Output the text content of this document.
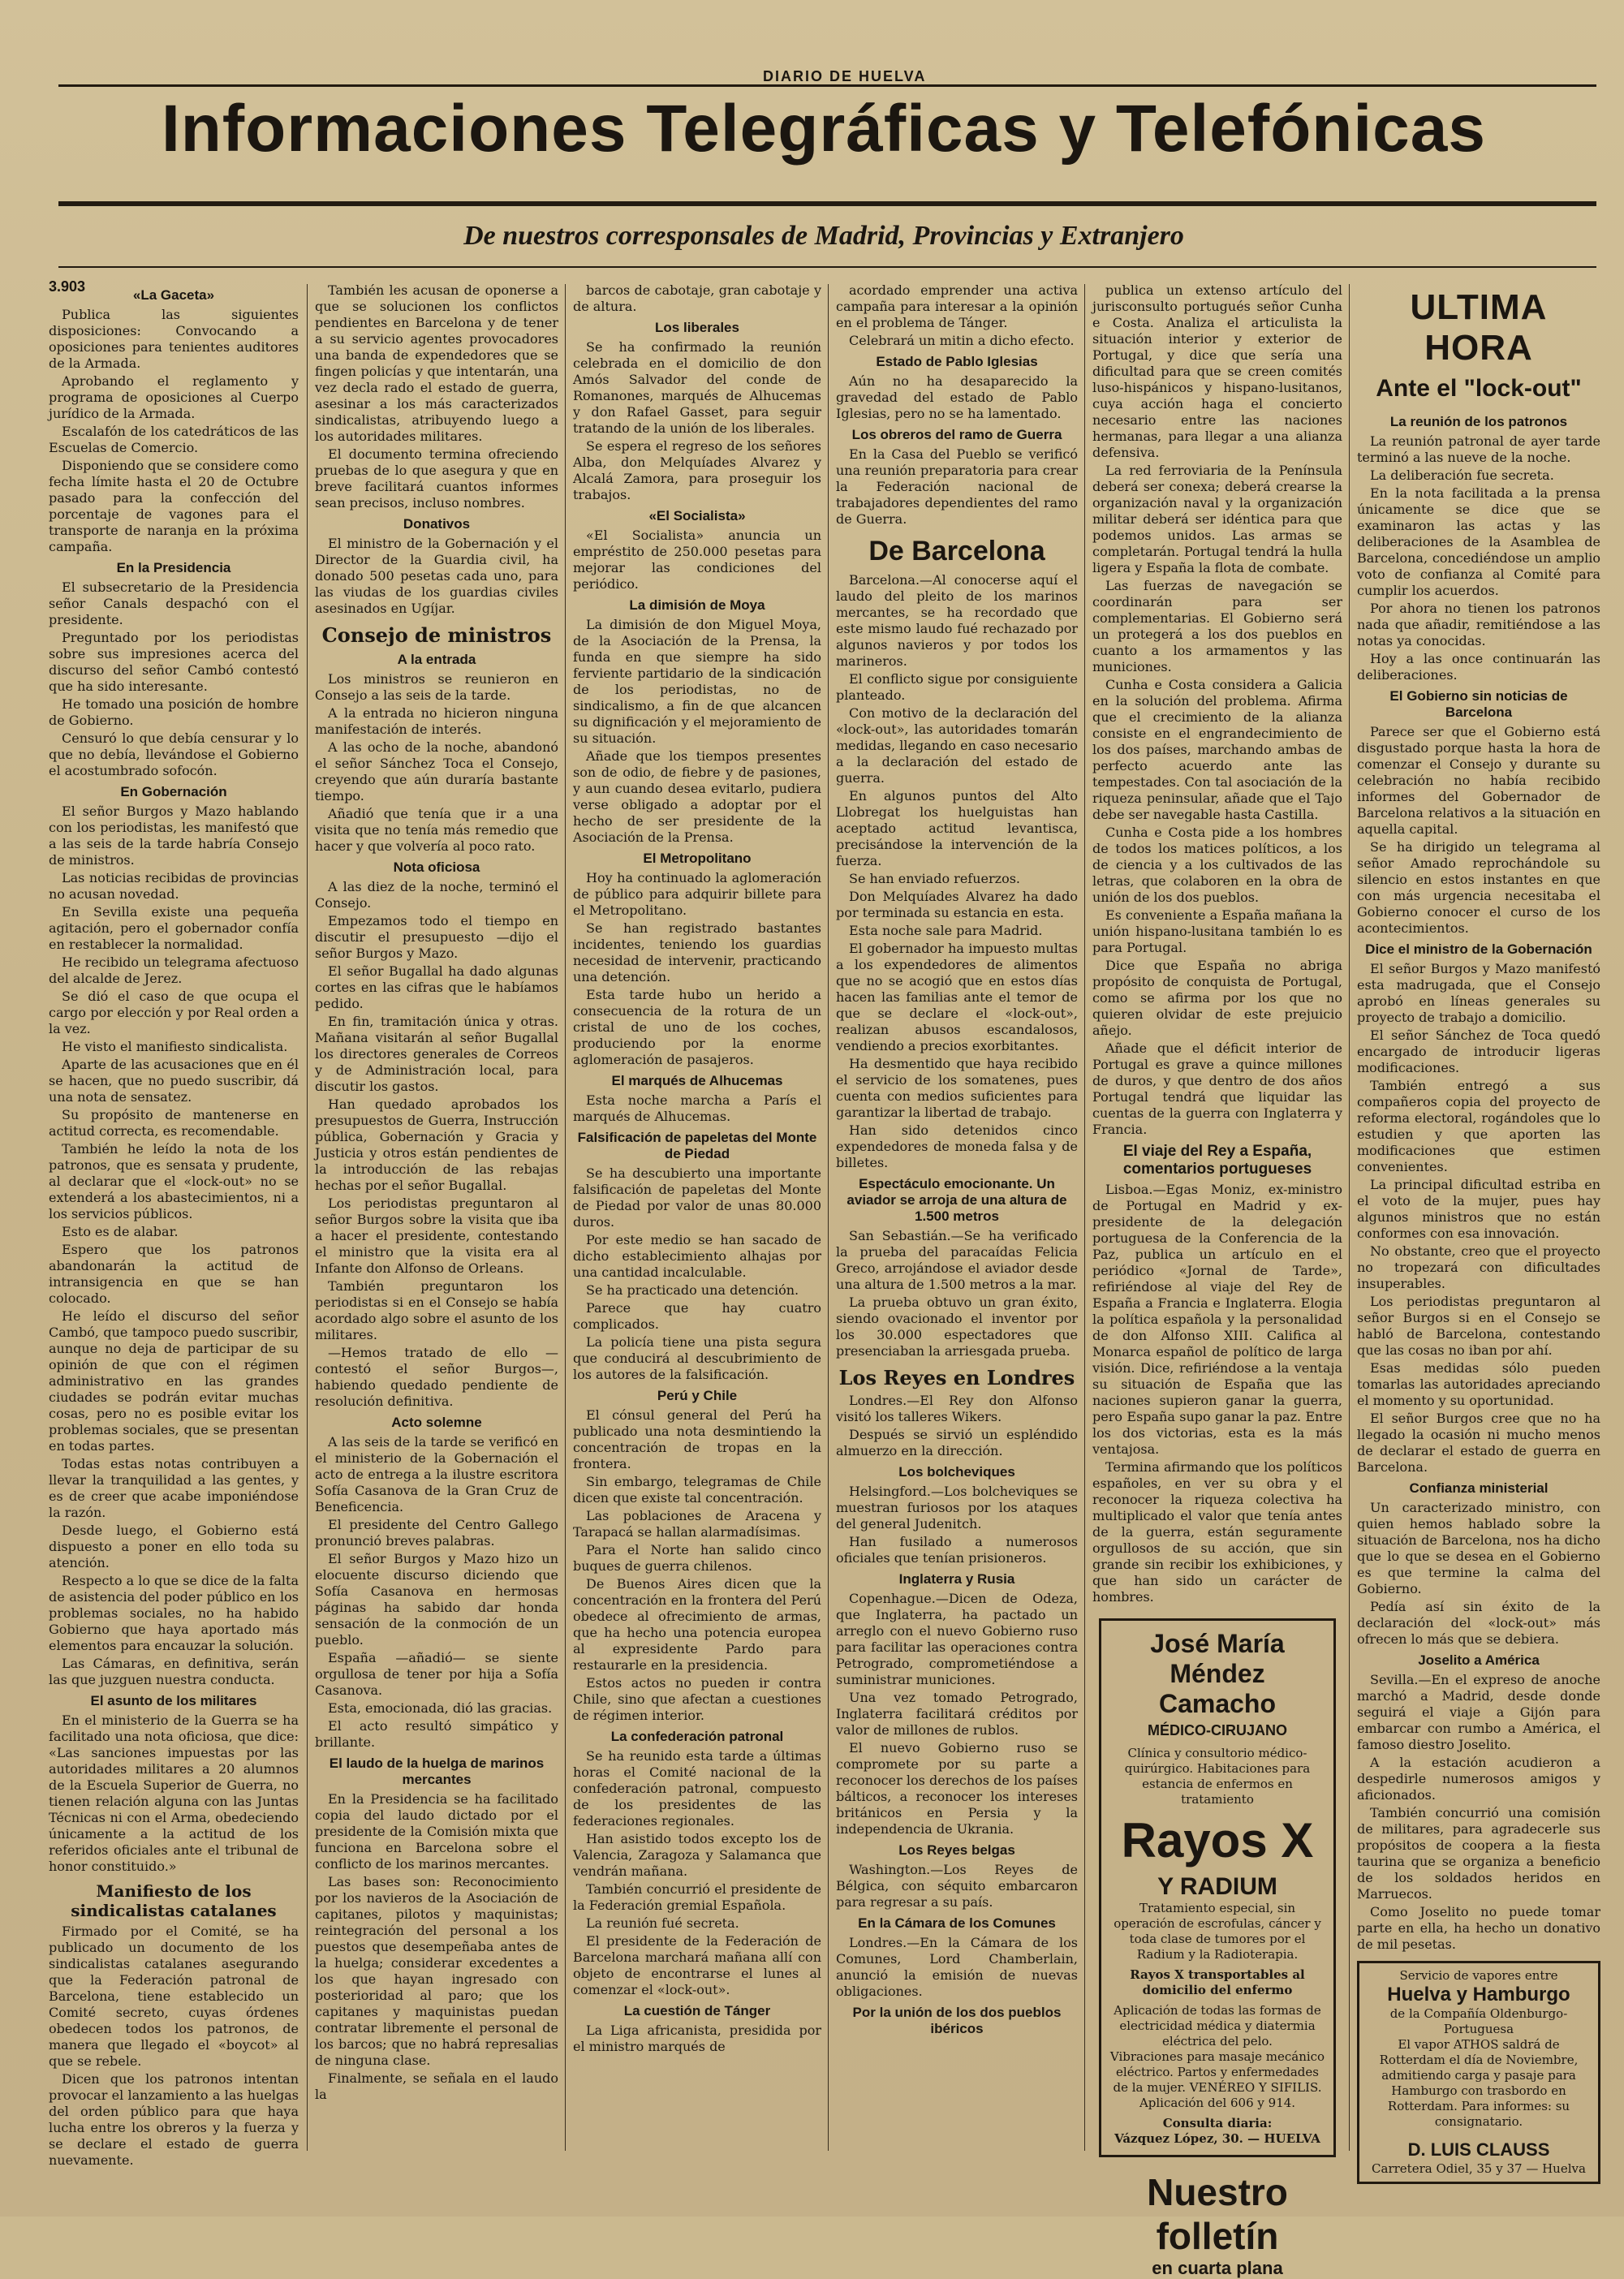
DIARIO DE HUELVA
Informaciones Telegráficas y Telefónicas
De nuestros corresponsales de Madrid, Provincias y Extranjero
3.903
«La Gaceta»

Publica las siguientes disposiciones: Convocando a oposiciones para tenientes auditores de la Armada.

Aprobando el reglamento y programa de oposiciones al Cuerpo jurídico de la Armada.

Escalafón de los catedráticos de las Escuelas de Comercio.

Disponiendo que se considere como fecha límite hasta el 20 de Octubre pasado para la confección del porcentaje de vagones para el transporte de naranja en la próxima campaña.

En la Presidencia

El subsecretario de la Presidencia señor Canals despachó con el presidente.

Preguntado por los periodistas sobre sus impresiones acerca del discurso del señor Cambó contestó que ha sido interesante.

He tomado una posición de hombre de Gobierno.

Censuró lo que debía censurar y lo que no debía, llevándose el Gobierno el acostumbrado sofocón.

En Gobernación

El señor Burgos y Mazo hablando con los periodistas, les manifestó que a las seis de la tarde habría Consejo de ministros.

Las noticias recibidas de provincias no acusan novedad.

En Sevilla existe una pequeña agitación, pero el gobernador confía en restablecer la normalidad.

He recibido un telegrama afectuoso del alcalde de Jerez.

Se dió el caso de que ocupa el cargo por elección y por Real orden a la vez.

He visto el manifiesto sindicalista.

Aparte de las acusaciones que en él se hacen, que no puedo suscribir, dá una nota de sensatez.

Su propósito de mantenerse en actitud correcta, es recomendable.

También he leído la nota de los patronos, que es sensata y prudente, al declarar que el «lock-out» no se extenderá a los abastecimientos, ni a los servicios públicos.

Esto es de alabar.

Espero que los patronos abandonarán la actitud de intransigencia en que se han colocado.

He leído el discurso del señor Cambó, que tampoco puedo suscribir, aunque no deja de participar de su opinión de que con el régimen administrativo en las grandes ciudades se podrán evitar muchas cosas, pero no es posible evitar los problemas sociales, que se presentan en todas partes.

Todas estas notas contribuyen a llevar la tranquilidad a las gentes, y es de creer que acabe imponiéndose la razón.

Desde luego, el Gobierno está dispuesto a poner en ello toda su atención.

Respecto a lo que se dice de la falta de asistencia del poder público en los problemas sociales, no ha habido Gobierno que haya aportado más elementos para encauzar la solución.

Las Cámaras, en definitiva, serán las que juzguen nuestra conducta.

El asunto de los militares

En el ministerio de la Guerra se ha facilitado una nota oficiosa, que dice: «Las sanciones impuestas por las autoridades militares a 20 alumnos de la Escuela Superior de Guerra, no tienen relación alguna con las Juntas Técnicas ni con el Arma, obedeciendo únicamente a la actitud de los referidos oficiales ante el tribunal de honor constituido.»

Manifiesto de los sindicalistas catalanes

Firmado por el Comité, se ha publicado un documento de los sindicalistas catalanes asegurando que la Federación patronal de Barcelona, tiene establecido un Comité secreto, cuyas órdenes obedecen todos los patronos, de manera que llegado el «boycot» al que se rebele.

Dicen que los patronos intentan provocar el lanzamiento a las huelgas del orden público para que haya lucha entre los obreros y la fuerza y se declare el estado de guerra nuevamente.

También les acusan de oponerse a que se solucionen los conflictos pendientes en Barcelona y de tener a su servicio agentes provocadores una banda de expendedores que se fingen policías y que intentarán, una vez decla rado el estado de guerra, asesinar a los más caracterizados sindicalistas, atribuyendo luego a los autoridades militares.

El documento termina ofreciendo pruebas de lo que asegura y que en breve facilitará cuantos informes sean precisos, incluso nombres.

Donativos

El ministro de la Gobernación y el Director de la Guardia civil, ha donado 500 pesetas cada uno, para las viudas de los guardias civiles asesinados en Ugíjar.

Consejo de ministros
A la entrada

Los ministros se reunieron en Consejo a las seis de la tarde.

A la entrada no hicieron ninguna manifestación de interés.

A las ocho de la noche, abandonó el señor Sánchez Toca el Consejo, creyendo que aún duraría bastante tiempo.

Añadió que tenía que ir a una visita que no tenía más remedio que hacer y que volvería al poco rato.

Nota oficiosa

A las diez de la noche, terminó el Consejo.

Empezamos todo el tiempo en discutir el presupuesto —dijo el señor Burgos y Mazo.

El señor Bugallal ha dado algunas cortes en las cifras que le habíamos pedido.

En fin, tramitación única y otras. Mañana visitarán al señor Bugallal los directores generales de Correos y de Administración local, para discutir los gastos.

Han quedado aprobados los presupuestos de Guerra, Instrucción pública, Gobernación y Gracia y Justicia y otros están pendientes de la introducción de las rebajas hechas por el señor Bugallal.

Los periodistas preguntaron al señor Burgos sobre la visita que iba a hacer el presidente, contestando el ministro que la visita era al Infante don Alfonso de Orleans.

También preguntaron los periodistas si en el Consejo se había acordado algo sobre el asunto de los militares.

—Hemos tratado de ello —contestó el señor Burgos—, habiendo quedado pendiente de resolución definitiva.

Acto solemne

A las seis de la tarde se verificó en el ministerio de la Gobernación el acto de entrega a la ilustre escritora Sofía Casanova de la Gran Cruz de Beneficencia.

El presidente del Centro Gallego pronunció breves palabras.

El señor Burgos y Mazo hizo un elocuente discurso diciendo que Sofía Casanova en hermosas páginas ha sabido dar honda sensación de la conmoción de un pueblo.

España —añadió— se siente orgullosa de tener por hija a Sofía Casanova.

Esta, emocionada, dió las gracias.

El acto resultó simpático y brillante.

El laudo de la huelga de marinos mercantes

En la Presidencia se ha facilitado copia del laudo dictado por el presidente de la Comisión mixta que funciona en Barcelona sobre el conflicto de los marinos mercantes.

Las bases son: Reconocimiento por los navieros de la Asociación de capitanes, pilotos y maquinistas; reintegración del personal a los puestos que desempeñaba antes de la huelga; considerar excedentes a los que hayan ingresado con posterioridad al paro; que los capitanes y maquinistas puedan contratar libremente el personal de los barcos; que no habrá represalias de ninguna clase.

Finalmente, se señala en el laudo la

barcos de cabotaje, gran cabotaje y de altura.

Los liberales

Se ha confirmado la reunión celebrada en el domicilio de don Amós Salvador del conde de Romanones, marqués de Alhucemas y don Rafael Gasset, para seguir tratando de la unión de los liberales.

Se espera el regreso de los señores Alba, don Melquíades Alvarez y Alcalá Zamora, para proseguir los trabajos.

«El Socialista»

«El Socialista» anuncia un empréstito de 250.000 pesetas para mejorar las condiciones del periódico.

La dimisión de Moya

La dimisión de don Miguel Moya, de la Asociación de la Prensa, la funda en que siempre ha sido ferviente partidario de la sindicación de los periodistas, no de sindicalismo, a fin de que alcancen su dignificación y el mejoramiento de su situación.

Añade que los tiempos presentes son de odio, de fiebre y de pasiones, y aun cuando desea evitarlo, pudiera verse obligado a adoptar por el hecho de ser presidente de la Asociación de la Prensa.

El Metropolitano

Hoy ha continuado la aglomeración de público para adquirir billete para el Metropolitano.

Se han registrado bastantes incidentes, teniendo los guardias necesidad de intervenir, practicando una detención.

Esta tarde hubo un herido a consecuencia de la rotura de un cristal de uno de los coches, produciendo por la enorme aglomeración de pasajeros.

El marqués de Alhucemas

Esta noche marcha a París el marqués de Alhucemas.

Falsificación de papeletas del Monte de Piedad

Se ha descubierto una importante falsificación de papeletas del Monte de Piedad por valor de unas 80.000 duros.

Por este medio se han sacado de dicho establecimiento alhajas por una cantidad incalculable.

Se ha practicado una detención.

Parece que hay cuatro complicados.

La policía tiene una pista segura que conducirá al descubrimiento de los autores de la falsificación.

Perú y Chile

El cónsul general del Perú ha publicado una nota desmintiendo la concentración de tropas en la frontera.

Sin embargo, telegramas de Chile dicen que existe tal concentración.

Las poblaciones de Aracena y Tarapacá se hallan alarmadísimas.

Para el Norte han salido cinco buques de guerra chilenos.

De Buenos Aires dicen que la concentración en la frontera del Perú obedece al ofrecimiento de armas, que ha hecho una potencia europea al expresidente Pardo para restaurarle en la presidencia.

Estos actos no pueden ir contra Chile, sino que afectan a cuestiones de régimen interior.

La confederación patronal

Se ha reunido esta tarde a últimas horas el Comité nacional de la confederación patronal, compuesto de los presidentes de las federaciones regionales.

Han asistido todos excepto los de Valencia, Zaragoza y Salamanca que vendrán mañana.

También concurrió el presidente de la Federación gremial Española.

La reunión fué secreta.

El presidente de la Federación de Barcelona marchará mañana allí con objeto de encontrarse el lunes al comenzar el «lock-out».

La cuestión de Tánger

La Liga africanista, presidida por el ministro marqués de

acordado emprender una activa campaña para interesar a la opinión en el problema de Tánger.

Celebrará un mitin a dicho efecto.

Estado de Pablo Iglesias

Aún no ha desaparecido la gravedad del estado de Pablo Iglesias, pero no se ha lamentado.

Los obreros del ramo de Guerra

En la Casa del Pueblo se verificó una reunión preparatoria para crear la Federación nacional de trabajadores dependientes del ramo de Guerra.

De Barcelona

Barcelona.—Al conocerse aquí el laudo del pleito de los marinos mercantes, se ha recordado que este mismo laudo fué rechazado por algunos navieros y por todos los marineros.

El conflicto sigue por consiguiente planteado.

Con motivo de la declaración del «lock-out», las autoridades tomarán medidas, llegando en caso necesario a la declaración del estado de guerra.

En algunos puntos del Alto Llobregat los huelguistas han aceptado actitud levantisca, precisándose la intervención de la fuerza.

Se han enviado refuerzos.

Don Melquíades Alvarez ha dado por terminada su estancia en esta.

Esta noche sale para Madrid.

El gobernador ha impuesto multas a los expendedores de alimentos que no se acogió que en estos días hacen las familias ante el temor de que se declare el «lock-out», realizan abusos escandalosos, vendiendo a precios exorbitantes.

Ha desmentido que haya recibido el servicio de los somatenes, pues cuenta con medios suficientes para garantizar la libertad de trabajo.

Han sido detenidos cinco expendedores de moneda falsa y de billetes.

Espectáculo emocionante. Un aviador se arroja de una altura de 1.500 metros

San Sebastián.—Se ha verificado la prueba del paracaídas Felicia Greco, arrojándose el aviador desde una altura de 1.500 metros a la mar.

La prueba obtuvo un gran éxito, siendo ovacionado el inventor por los 30.000 espectadores que presenciaban la arriesgada prueba.

Los Reyes en Londres

Londres.—El Rey don Alfonso visitó los talleres Wikers.

Después se sirvió un espléndido almuerzo en la dirección.

Los bolcheviques

Helsingford.—Los bolcheviques se muestran furiosos por los ataques del general Judenitch.

Han fusilado a numerosos oficiales que tenían prisioneros.

Inglaterra y Rusia

Copenhague.—Dicen de Odeza, que Inglaterra, ha pactado un arreglo con el nuevo Gobierno ruso para facilitar las operaciones contra Petrogrado, comprometiéndose a suministrar municiones.

Una vez tomado Petrogrado, Inglaterra facilitará créditos por valor de millones de rublos.

El nuevo Gobierno ruso se compromete por su parte a reconocer los derechos de los países bálticos, a reconocer los intereses británicos en Persia y la independencia de Ukrania.

Los Reyes belgas

Washington.—Los Reyes de Bélgica, con séquito embarcaron para regresar a su país.

En la Cámara de los Comunes

Londres.—En la Cámara de los Comunes, Lord Chamberlain, anunció la emisión de nuevas obligaciones.

Por la unión de los dos pueblos ibéricos

publica un extenso artículo del jurisconsulto portugués señor Cunha e Costa. Analiza el articulista la situación interior y exterior de Portugal, y dice que sería una dificultad para que se creen comités luso-hispánicos y hispano-lusitanos, cuya acción haga el concierto necesario entre las naciones hermanas, para llegar a una alianza defensiva.

La red ferroviaria de la Península deberá ser conexa; deberá crearse la organización naval y la organización militar deberá ser idéntica para que podemos unidos. Las armas se completarán. Portugal tendrá la hulla ligera y España la flota de combate.

Las fuerzas de navegación se coordinarán para ser complementarias. El Gobierno será un protegerá a los dos pueblos en cuanto a los armamentos y las municiones.

Cunha e Costa considera a Galicia en la solución del problema. Afirma que el crecimiento de la alianza consiste en el engrandecimiento de los dos países, marchando ambas de perfecto acuerdo ante las tempestades. Con tal asociación de la riqueza peninsular, añade que el Tajo debe ser navegable hasta Castilla.

Cunha e Costa pide a los hombres de todos los matices políticos, a los de ciencia y a los cultivados de las letras, que colaboren en la obra de unión de los dos pueblos.

Es conveniente a España mañana la unión hispano-lusitana también lo es para Portugal.

Dice que España no abriga propósito de conquista de Portugal, como se afirma por los que no quieren olvidar de este prejuicio añejo.

Añade que el déficit interior de Portugal es grave a quince millones de duros, y que dentro de dos años Portugal tendrá que liquidar las cuentas de la guerra con Inglaterra y Francia.

El viaje del Rey a España, comentarios portugueses

Lisboa.—Egas Moniz, ex-ministro de Portugal en Madrid y ex-presidente de la delegación portuguesa de la Conferencia de la Paz, publica un artículo en el periódico «Jornal de Tarde», refiriéndose al viaje del Rey de España a Francia e Inglaterra. Elogia la política española y la personalidad de don Alfonso XIII. Califica al Monarca español de político de larga visión. Dice, refiriéndose a la ventaja su situación de España que las naciones supieron ganar la guerra, pero España supo ganar la paz. Entre los dos victorias, esta es la más ventajosa.

Termina afirmando que los políticos españoles, en ver su obra y el reconocer la riqueza colectiva ha multiplicado el valor que tenía antes de la guerra, están seguramente orgullosos de su acción, que sin grande sin recibir los exhibiciones, y que han sido un carácter de hombres.

José María Méndez Camacho
MÉDICO-CIRUJANO
Clínica y consultorio médico-quirúrgico. Habitaciones para estancia de enfermos en tratamiento
Rayos X
Y RADIUM
Tratamiento especial, sin operación de escrofulas, cáncer y toda clase de tumores por el Radium y la Radioterapia.
Rayos X transportables al domicilio del enfermo
Aplicación de todas las formas de electricidad médica y diatermia eléctrica del pelo.
Vibraciones para masaje mecánico eléctrico. Partos y enfermedades de la mujer. VENÉREO Y SIFILIS. Aplicación del 606 y 914.
Consulta diaria:
Vázquez López, 30. — HUELVA
Nuestro folletín
en cuarta plana
ULTIMA HORA
Ante el "lock-out"
La reunión de los patronos

La reunión patronal de ayer tarde terminó a las nueve de la noche.

La deliberación fue secreta.

En la nota facilitada a la prensa únicamente se dice que se examinaron las actas y las deliberaciones de la Asamblea de Barcelona, concediéndose un amplio voto de confianza al Comité para cumplir los acuerdos.

Por ahora no tienen los patronos nada que añadir, remitiéndose a las notas ya conocidas.

Hoy a las once continuarán las deliberaciones.

El Gobierno sin noticias de Barcelona

Parece ser que el Gobierno está disgustado porque hasta la hora de comenzar el Consejo y durante su celebración no había recibido informes del Gobernador de Barcelona relativos a la situación en aquella capital.

Se ha dirigido un telegrama al señor Amado reprochándole su silencio en estos instantes en que con más urgencia necesitaba el Gobierno conocer el curso de los acontecimientos.

Dice el ministro de la Gobernación

El señor Burgos y Mazo manifestó esta madrugada, que el Consejo aprobó en líneas generales su proyecto de trabajo a domicilio.

El señor Sánchez de Toca quedó encargado de introducir ligeras modificaciones.

También entregó a sus compañeros copia del proyecto de reforma electoral, rogándoles que lo estudien y que aporten las modificaciones que estimen convenientes.

La principal dificultad estriba en el voto de la mujer, pues hay algunos ministros que no están conformes con esa innovación.

No obstante, creo que el proyecto no tropezará con dificultades insuperables.

Los periodistas preguntaron al señor Burgos si en el Consejo se habló de Barcelona, contestando que las cosas no iban por ahí.

Esas medidas sólo pueden tomarlas las autoridades apreciando el momento y su oportunidad.

El señor Burgos cree que no ha llegado la ocasión ni mucho menos de declarar el estado de guerra en Barcelona.

Confianza ministerial

Un caracterizado ministro, con quien hemos hablado sobre la situación de Barcelona, nos ha dicho que lo que se desea en el Gobierno es que termine la calma del Gobierno.

Pedía así sin éxito de la declaración del «lock-out» más ofrecen lo más que se debiera.

Joselito a América

Sevilla.—En el expreso de anoche marchó a Madrid, desde donde seguirá el viaje a Gijón para embarcar con rumbo a América, el famoso diestro Joselito.

A la estación acudieron a despedirle numerosos amigos y aficionados.

También concurrió una comisión de militares, para agradecerle sus propósitos de coopera a la fiesta taurina que se organiza a beneficio de los soldados heridos en Marruecos.

Como Joselito no puede tomar parte en ella, ha hecho un donativo de mil pesetas.

Servicio de vapores entre
Huelva y Hamburgo
de la Compañía Oldenburgo-Portuguesa
El vapor ATHOS saldrá de Rotterdam el día de Noviembre, admitiendo carga y pasaje para Hamburgo con trasbordo en Rotterdam. Para informes: su consignatario.
D. LUIS CLAUSS
Carretera Odiel, 35 y 37 — Huelva
